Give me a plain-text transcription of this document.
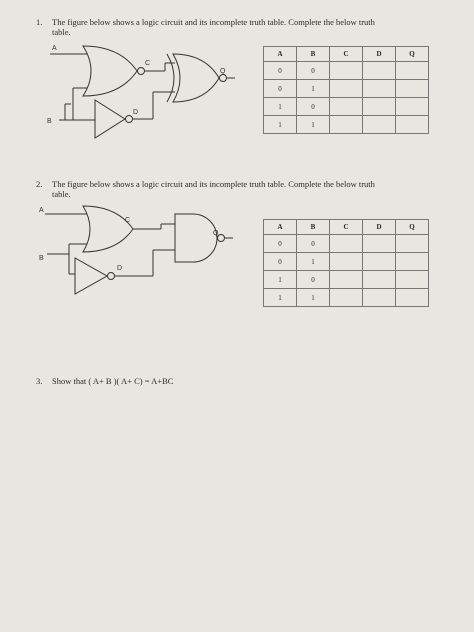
1. The figure below shows a logic circuit and its incomplete truth table. Complete the below truth
table.
A
B
C
D
Q
A	B	C	D	Q
0	0			
0	1			
1	0			
1	1			
2. The figure below shows a logic circuit and its incomplete truth table. Complete the below truth
table.
A
B
C
D
Q
A	B	C	D	Q
0	0			
0	1			
1	0			
1	1			
3. Show that ( A+ B )( A+ C) = A+BC
